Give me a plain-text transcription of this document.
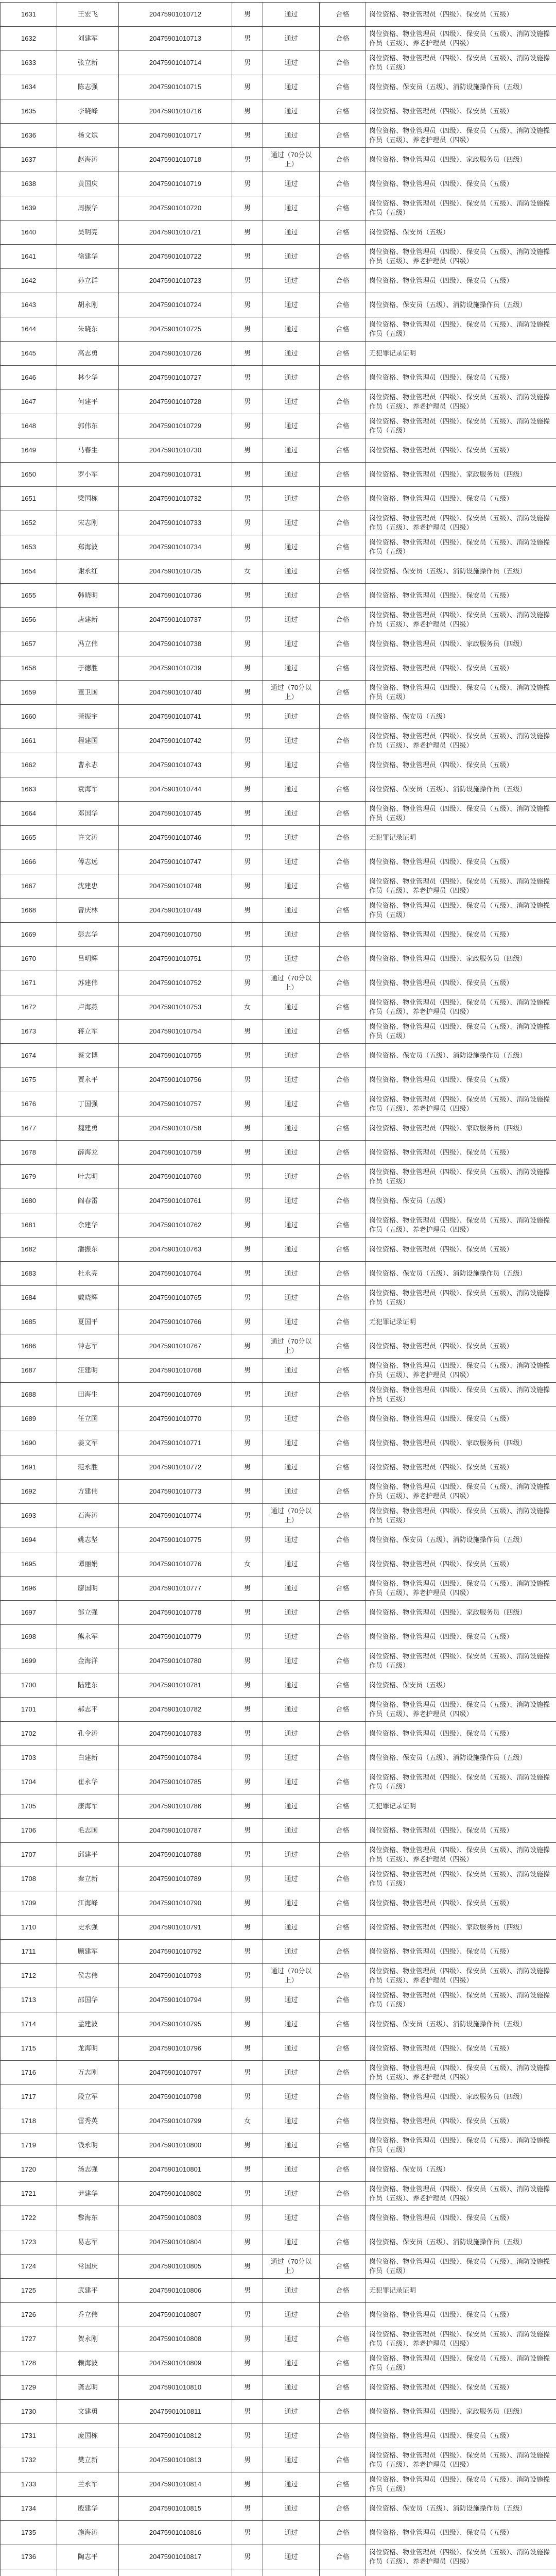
1631	王宏飞	20475901010712	男	通过	合格	岗位资格、物业管理员（四级）、保安员（五级）
1632	刘建军	20475901010713	男	通过	合格	岗位资格、物业管理员（四级）、保安员（五级）、消防设施操作员（五级）、养老护理员（四级）
1633	张立新	20475901010714	男	通过	合格	岗位资格、物业管理员（四级）、保安员（五级）、消防设施操作员（五级）
1634	陈志强	20475901010715	男	通过	合格	岗位资格、保安员（五级）、消防设施操作员（五级）
1635	李晓峰	20475901010716	男	通过	合格	岗位资格、物业管理员（四级）、保安员（五级）
1636	杨文斌	20475901010717	男	通过	合格	岗位资格、物业管理员（四级）、保安员（五级）、消防设施操作员（五级）、养老护理员（四级）
1637	赵海涛	20475901010718	男	通过（70分以上）	合格	岗位资格、物业管理员（四级）、家政服务员（四级）
1638	黄国庆	20475901010719	男	通过	合格	岗位资格、物业管理员（四级）、保安员（五级）
1639	周振华	20475901010720	男	通过	合格	岗位资格、物业管理员（四级）、保安员（五级）、消防设施操作员（五级）
1640	吴明亮	20475901010721	男	通过	合格	岗位资格、保安员（五级）
1641	徐建华	20475901010722	男	通过	合格	岗位资格、物业管理员（四级）、保安员（五级）、消防设施操作员（五级）、养老护理员（四级）
1642	孙立群	20475901010723	男	通过	合格	岗位资格、物业管理员（四级）、保安员（五级）
1643	胡永刚	20475901010724	男	通过	合格	岗位资格、保安员（五级）、消防设施操作员（五级）
1644	朱晓东	20475901010725	男	通过	合格	岗位资格、物业管理员（四级）、保安员（五级）、消防设施操作员（五级）
1645	高志勇	20475901010726	男	通过	合格	无犯罪记录证明
1646	林少华	20475901010727	男	通过	合格	岗位资格、物业管理员（四级）、保安员（五级）
1647	何建平	20475901010728	男	通过	合格	岗位资格、物业管理员（四级）、保安员（五级）、消防设施操作员（五级）、养老护理员（四级）
1648	郭伟东	20475901010729	男	通过	合格	岗位资格、物业管理员（四级）、保安员（五级）、消防设施操作员（五级）
1649	马春生	20475901010730	男	通过	合格	岗位资格、物业管理员（四级）、保安员（五级）
1650	罗小军	20475901010731	男	通过	合格	岗位资格、物业管理员（四级）、家政服务员（四级）
1651	梁国栋	20475901010732	男	通过	合格	岗位资格、物业管理员（四级）、保安员（五级）
1652	宋志刚	20475901010733	男	通过	合格	岗位资格、物业管理员（四级）、保安员（五级）、消防设施操作员（五级）、养老护理员（四级）
1653	郑海波	20475901010734	男	通过	合格	岗位资格、物业管理员（四级）、保安员（五级）、消防设施操作员（五级）
1654	谢永红	20475901010735	女	通过	合格	岗位资格、保安员（五级）、消防设施操作员（五级）
1655	韩晓明	20475901010736	男	通过	合格	岗位资格、物业管理员（四级）、保安员（五级）
1656	唐建新	20475901010737	男	通过	合格	岗位资格、物业管理员（四级）、保安员（五级）、消防设施操作员（五级）、养老护理员（四级）
1657	冯立伟	20475901010738	男	通过	合格	岗位资格、物业管理员（四级）、家政服务员（四级）
1658	于德胜	20475901010739	男	通过	合格	岗位资格、物业管理员（四级）、保安员（五级）
1659	董卫国	20475901010740	男	通过（70分以上）	合格	岗位资格、物业管理员（四级）、保安员（五级）、消防设施操作员（五级）
1660	萧振宇	20475901010741	男	通过	合格	岗位资格、保安员（五级）
1661	程建国	20475901010742	男	通过	合格	岗位资格、物业管理员（四级）、保安员（五级）、消防设施操作员（五级）、养老护理员（四级）
1662	曹永志	20475901010743	男	通过	合格	岗位资格、物业管理员（四级）、保安员（五级）
1663	袁海军	20475901010744	男	通过	合格	岗位资格、保安员（五级）、消防设施操作员（五级）
1664	邓国华	20475901010745	男	通过	合格	岗位资格、物业管理员（四级）、保安员（五级）、消防设施操作员（五级）
1665	许文涛	20475901010746	男	通过	合格	无犯罪记录证明
1666	傅志远	20475901010747	男	通过	合格	岗位资格、物业管理员（四级）、保安员（五级）
1667	沈建忠	20475901010748	男	通过	合格	岗位资格、物业管理员（四级）、保安员（五级）、消防设施操作员（五级）、养老护理员（四级）
1668	曾庆林	20475901010749	男	通过	合格	岗位资格、物业管理员（四级）、保安员（五级）、消防设施操作员（五级）
1669	彭志华	20475901010750	男	通过	合格	岗位资格、物业管理员（四级）、保安员（五级）
1670	吕明辉	20475901010751	男	通过	合格	岗位资格、物业管理员（四级）、家政服务员（四级）
1671	苏建伟	20475901010752	男	通过（70分以上）	合格	岗位资格、物业管理员（四级）、保安员（五级）
1672	卢海燕	20475901010753	女	通过	合格	岗位资格、物业管理员（四级）、保安员（五级）、消防设施操作员（五级）、养老护理员（四级）
1673	蒋立军	20475901010754	男	通过	合格	岗位资格、物业管理员（四级）、保安员（五级）、消防设施操作员（五级）
1674	蔡文博	20475901010755	男	通过	合格	岗位资格、保安员（五级）、消防设施操作员（五级）
1675	贾永平	20475901010756	男	通过	合格	岗位资格、物业管理员（四级）、保安员（五级）
1676	丁国强	20475901010757	男	通过	合格	岗位资格、物业管理员（四级）、保安员（五级）、消防设施操作员（五级）、养老护理员（四级）
1677	魏建勇	20475901010758	男	通过	合格	岗位资格、物业管理员（四级）、家政服务员（四级）
1678	薛海龙	20475901010759	男	通过	合格	岗位资格、物业管理员（四级）、保安员（五级）
1679	叶志明	20475901010760	男	通过	合格	岗位资格、物业管理员（四级）、保安员（五级）、消防设施操作员（五级）
1680	阎春雷	20475901010761	男	通过	合格	岗位资格、保安员（五级）
1681	余建华	20475901010762	男	通过	合格	岗位资格、物业管理员（四级）、保安员（五级）、消防设施操作员（五级）、养老护理员（四级）
1682	潘振东	20475901010763	男	通过	合格	岗位资格、物业管理员（四级）、保安员（五级）
1683	杜永亮	20475901010764	男	通过	合格	岗位资格、保安员（五级）、消防设施操作员（五级）
1684	戴晓辉	20475901010765	男	通过	合格	岗位资格、物业管理员（四级）、保安员（五级）、消防设施操作员（五级）
1685	夏国平	20475901010766	男	通过	合格	无犯罪记录证明
1686	钟志军	20475901010767	男	通过（70分以上）	合格	岗位资格、物业管理员（四级）、保安员（五级）
1687	汪建明	20475901010768	男	通过	合格	岗位资格、物业管理员（四级）、保安员（五级）、消防设施操作员（五级）、养老护理员（四级）
1688	田海生	20475901010769	男	通过	合格	岗位资格、物业管理员（四级）、保安员（五级）、消防设施操作员（五级）
1689	任立国	20475901010770	男	通过	合格	岗位资格、物业管理员（四级）、保安员（五级）
1690	姜文军	20475901010771	男	通过	合格	岗位资格、物业管理员（四级）、家政服务员（四级）
1691	范永胜	20475901010772	男	通过	合格	岗位资格、物业管理员（四级）、保安员（五级）
1692	方建伟	20475901010773	男	通过	合格	岗位资格、物业管理员（四级）、保安员（五级）、消防设施操作员（五级）、养老护理员（四级）
1693	石海涛	20475901010774	男	通过（70分以上）	合格	岗位资格、物业管理员（四级）、保安员（五级）、消防设施操作员（五级）
1694	姚志坚	20475901010775	男	通过	合格	岗位资格、保安员（五级）、消防设施操作员（五级）
1695	谭丽娟	20475901010776	女	通过	合格	岗位资格、物业管理员（四级）、保安员（五级）
1696	廖国明	20475901010777	男	通过	合格	岗位资格、物业管理员（四级）、保安员（五级）、消防设施操作员（五级）、养老护理员（四级）
1697	邹立强	20475901010778	男	通过	合格	岗位资格、物业管理员（四级）、家政服务员（四级）
1698	熊永军	20475901010779	男	通过	合格	岗位资格、物业管理员（四级）、保安员（五级）
1699	金海洋	20475901010780	男	通过	合格	岗位资格、物业管理员（四级）、保安员（五级）、消防设施操作员（五级）
1700	陆建东	20475901010781	男	通过	合格	岗位资格、保安员（五级）
1701	郝志平	20475901010782	男	通过	合格	岗位资格、物业管理员（四级）、保安员（五级）、消防设施操作员（五级）、养老护理员（四级）
1702	孔令涛	20475901010783	男	通过	合格	岗位资格、物业管理员（四级）、保安员（五级）
1703	白建新	20475901010784	男	通过	合格	岗位资格、保安员（五级）、消防设施操作员（五级）
1704	崔永华	20475901010785	男	通过	合格	岗位资格、物业管理员（四级）、保安员（五级）、消防设施操作员（五级）
1705	康海军	20475901010786	男	通过	合格	无犯罪记录证明
1706	毛志国	20475901010787	男	通过	合格	岗位资格、物业管理员（四级）、保安员（五级）
1707	邱建平	20475901010788	男	通过	合格	岗位资格、物业管理员（四级）、保安员（五级）、消防设施操作员（五级）、养老护理员（四级）
1708	秦立新	20475901010789	男	通过	合格	岗位资格、物业管理员（四级）、保安员（五级）、消防设施操作员（五级）
1709	江海峰	20475901010790	男	通过	合格	岗位资格、物业管理员（四级）、保安员（五级）
1710	史永强	20475901010791	男	通过	合格	岗位资格、物业管理员（四级）、家政服务员（四级）
1711	顾建军	20475901010792	男	通过	合格	岗位资格、物业管理员（四级）、保安员（五级）
1712	侯志伟	20475901010793	男	通过（70分以上）	合格	岗位资格、物业管理员（四级）、保安员（五级）、消防设施操作员（五级）、养老护理员（四级）
1713	邵国华	20475901010794	男	通过	合格	岗位资格、物业管理员（四级）、保安员（五级）、消防设施操作员（五级）
1714	孟建波	20475901010795	男	通过	合格	岗位资格、保安员（五级）、消防设施操作员（五级）
1715	龙海明	20475901010796	男	通过	合格	岗位资格、物业管理员（四级）、保安员（五级）
1716	万志刚	20475901010797	男	通过	合格	岗位资格、物业管理员（四级）、保安员（五级）、消防设施操作员（五级）、养老护理员（四级）
1717	段立军	20475901010798	男	通过	合格	岗位资格、物业管理员（四级）、家政服务员（四级）
1718	雷秀英	20475901010799	女	通过	合格	岗位资格、物业管理员（四级）、保安员（五级）
1719	钱永明	20475901010800	男	通过	合格	岗位资格、物业管理员（四级）、保安员（五级）、消防设施操作员（五级）
1720	汤志强	20475901010801	男	通过	合格	岗位资格、保安员（五级）
1721	尹建华	20475901010802	男	通过	合格	岗位资格、物业管理员（四级）、保安员（五级）、消防设施操作员（五级）、养老护理员（四级）
1722	黎海东	20475901010803	男	通过	合格	岗位资格、物业管理员（四级）、保安员（五级）
1723	易志军	20475901010804	男	通过	合格	岗位资格、保安员（五级）、消防设施操作员（五级）
1724	常国庆	20475901010805	男	通过（70分以上）	合格	岗位资格、物业管理员（四级）、保安员（五级）、消防设施操作员（五级）
1725	武建平	20475901010806	男	通过	合格	无犯罪记录证明
1726	乔立伟	20475901010807	男	通过	合格	岗位资格、物业管理员（四级）、保安员（五级）
1727	贺永刚	20475901010808	男	通过	合格	岗位资格、物业管理员（四级）、保安员（五级）、消防设施操作员（五级）、养老护理员（四级）
1728	赖海波	20475901010809	男	通过	合格	岗位资格、物业管理员（四级）、保安员（五级）、消防设施操作员（五级）
1729	龚志明	20475901010810	男	通过	合格	岗位资格、物业管理员（四级）、保安员（五级）
1730	文建勇	20475901010811	男	通过	合格	岗位资格、物业管理员（四级）、家政服务员（四级）
1731	庞国栋	20475901010812	男	通过	合格	岗位资格、物业管理员（四级）、保安员（五级）
1732	樊立新	20475901010813	男	通过	合格	岗位资格、物业管理员（四级）、保安员（五级）、消防设施操作员（五级）、养老护理员（四级）
1733	兰永军	20475901010814	男	通过	合格	岗位资格、物业管理员（四级）、保安员（五级）、消防设施操作员（五级）
1734	殷建华	20475901010815	男	通过	合格	岗位资格、保安员（五级）、消防设施操作员（五级）
1735	施海涛	20475901010816	男	通过	合格	岗位资格、物业管理员（四级）、保安员（五级）
1736	陶志平	20475901010817	男	通过	合格	岗位资格、物业管理员（四级）、保安员（五级）、消防设施操作员（五级）、养老护理员（四级）
